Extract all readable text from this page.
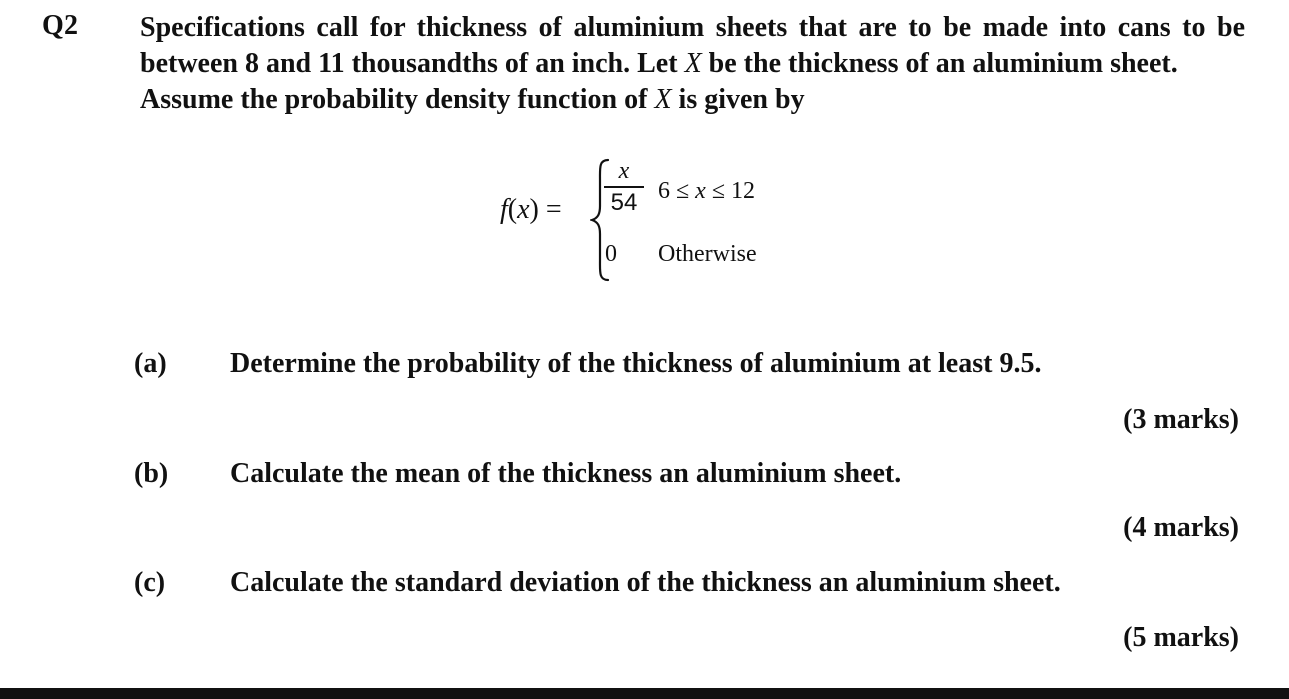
Q2 Specifications call for thickness of aluminium sheets that are to be made into cans to be
between 8 and 11 thousandths of an inch. Let X be the thickness of an aluminium sheet.
Assume the probability density function of X is given by
f(x) =
x
54 6 ≤ x ≤ 12
0 Otherwise
(a) Determine the probability of the thickness of aluminium at least 9.5.
(3 marks)
(b) Calculate the mean of the thickness an aluminium sheet.
(4 marks)
(c) Calculate the standard deviation of the thickness an aluminium sheet.
(5 marks)
